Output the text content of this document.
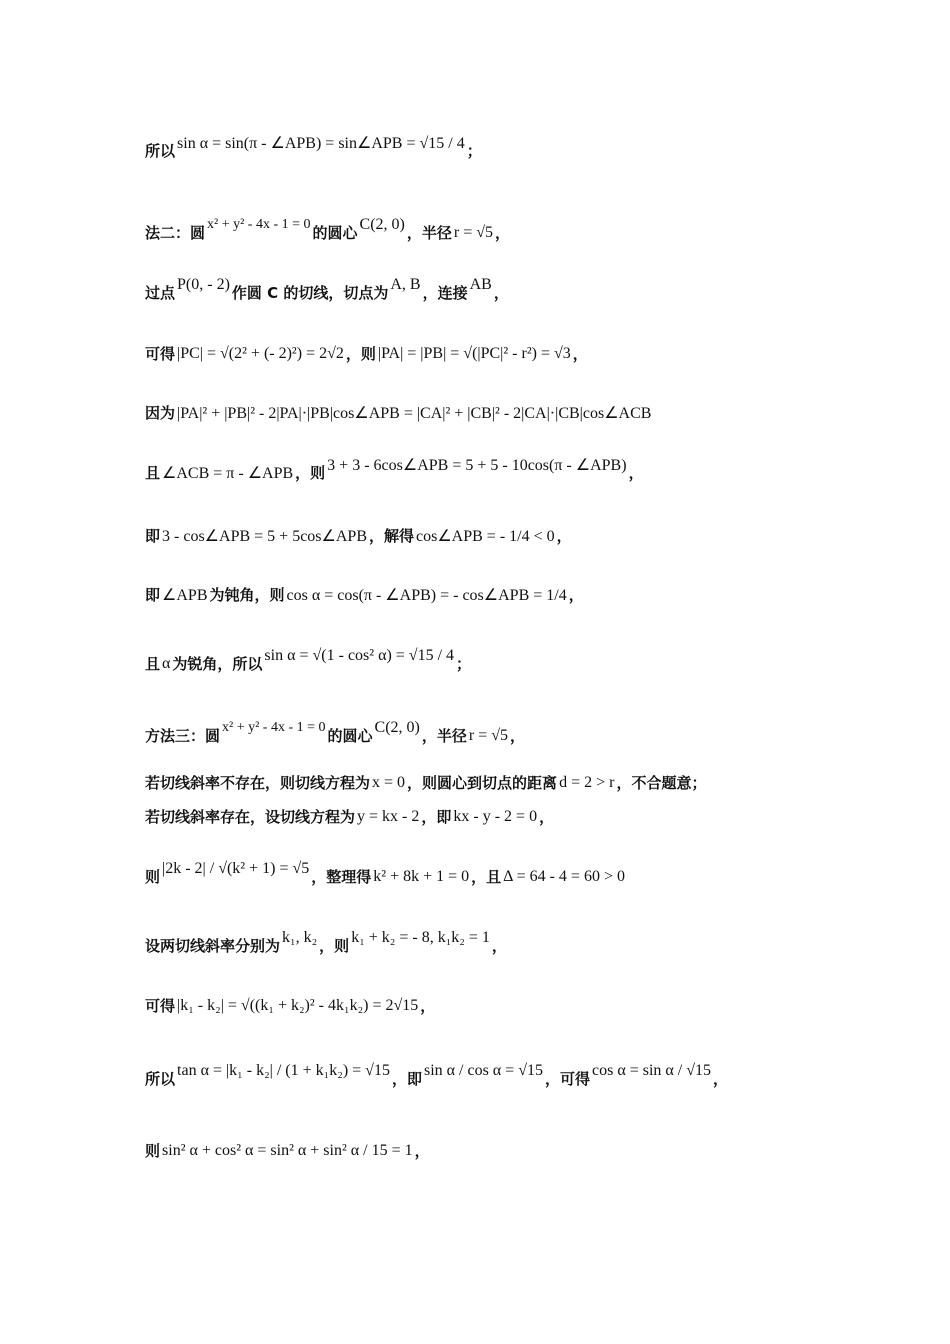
所以 sin α = sin(π - ∠APB) = sin∠APB = √15 / 4 ；
法二：圆 x² + y² - 4x - 1 = 0 的圆心 C(2, 0) ，半径 r = √5 ，
过点 P(0, - 2) 作圆 C 的切线，切点为 A, B ，连接 AB ，
可得 |PC| = √(2² + (- 2)²) = 2√2 ，则 |PA| = |PB| = √(|PC|² - r²) = √3 ，
因为 |PA|² + |PB|² - 2|PA|·|PB|cos∠APB = |CA|² + |CB|² - 2|CA|·|CB|cos∠ACB
且 ∠ACB = π - ∠APB ，则 3 + 3 - 6cos∠APB = 5 + 5 - 10cos(π - ∠APB) ，
即 3 - cos∠APB = 5 + 5cos∠APB ，解得 cos∠APB = - 1/4 < 0 ，
即 ∠APB 为钝角，则 cos α = cos(π - ∠APB) = - cos∠APB = 1/4 ，
且 α 为锐角，所以 sin α = √(1 - cos² α) = √15 / 4 ；
方法三：圆 x² + y² - 4x - 1 = 0 的圆心 C(2, 0) ，半径 r = √5 ，
若切线斜率不存在，则切线方程为 x = 0 ，则圆心到切点的距离 d = 2 > r ，不合题意；
若切线斜率存在，设切线方程为 y = kx - 2 ，即 kx - y - 2 = 0 ，
则 |2k - 2| / √(k² + 1) = √5 ，整理得 k² + 8k + 1 = 0 ，且 Δ = 64 - 4 = 60 > 0
设两切线斜率分别为 k₁, k₂ ，则 k₁ + k₂ = - 8, k₁k₂ = 1 ，
可得 |k₁ - k₂| = √((k₁ + k₂)² - 4k₁k₂) = 2√15 ，
所以 tan α = |k₁ - k₂| / (1 + k₁k₂) = √15 ，即 sin α / cos α = √15 ，可得 cos α = sin α / √15 ，
则 sin² α + cos² α = sin² α + sin² α / 15 = 1 ，
